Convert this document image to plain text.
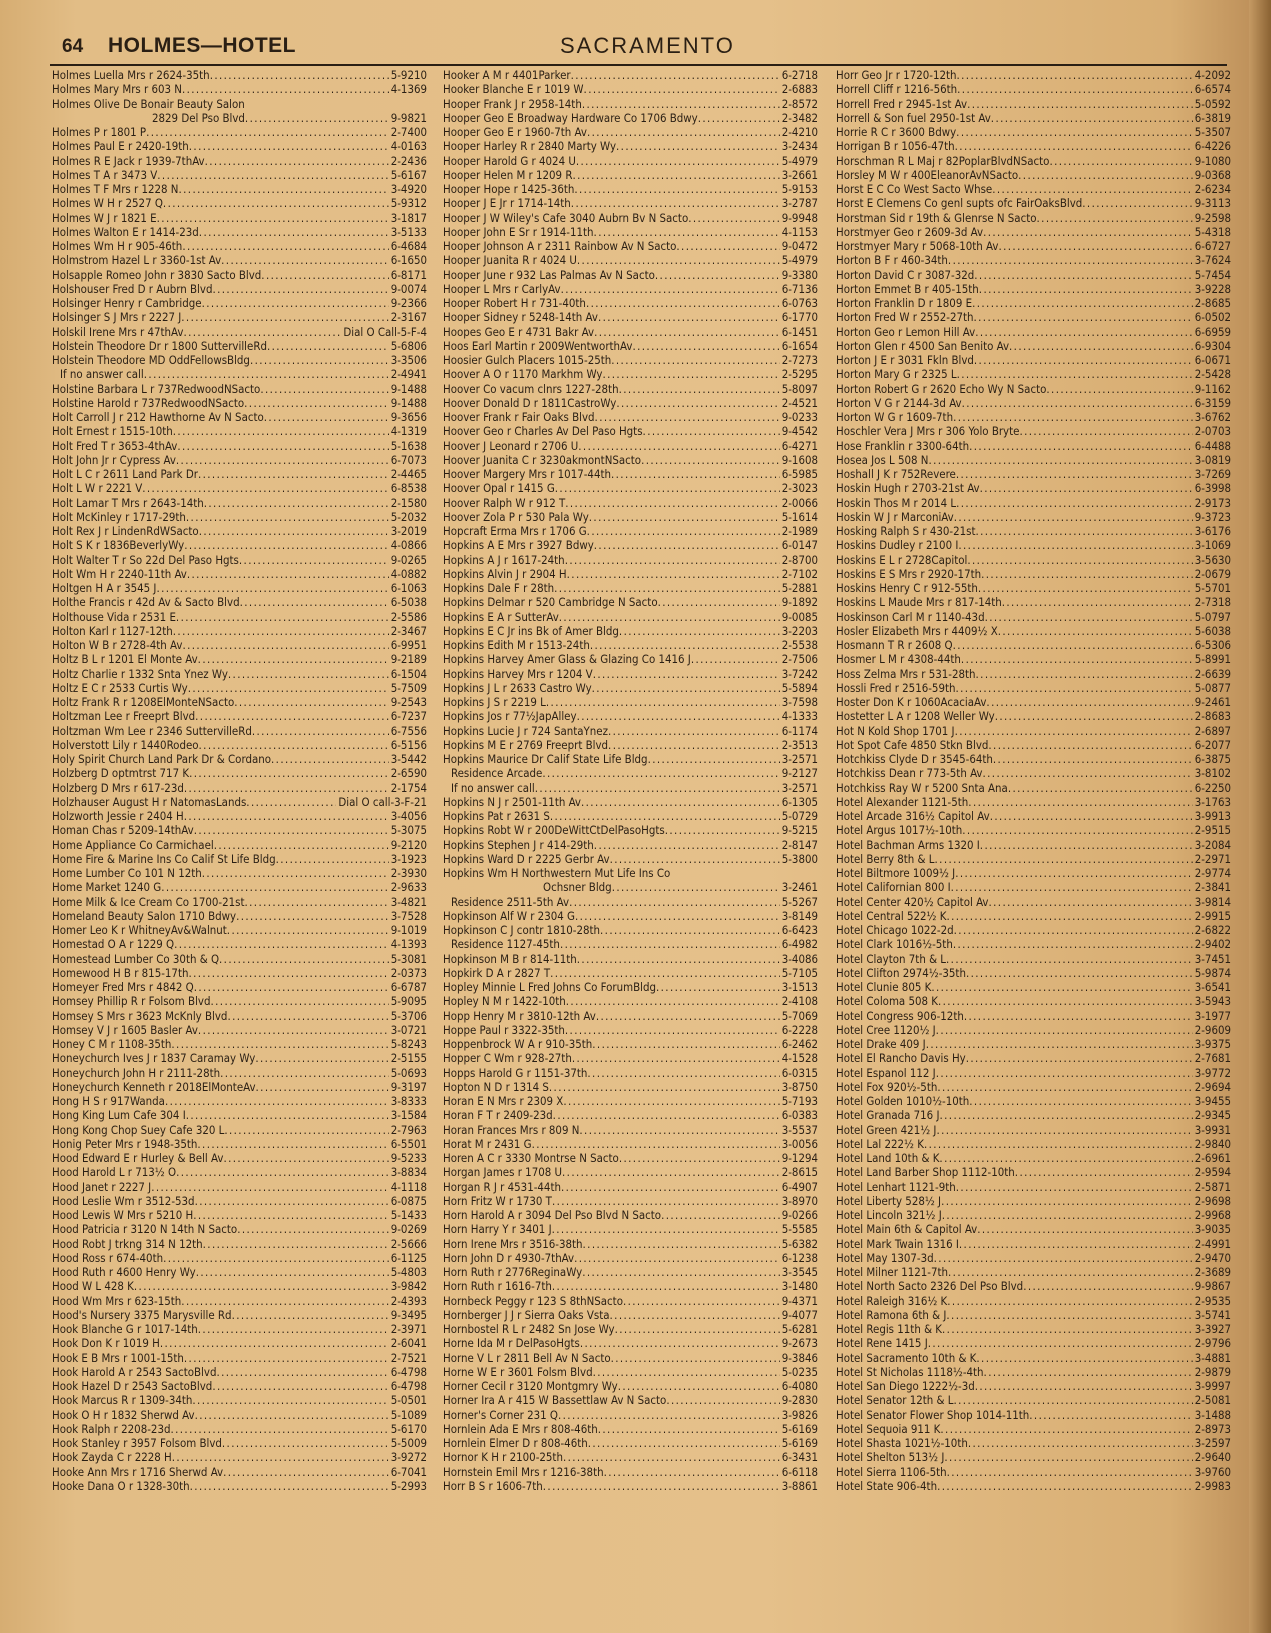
64 HOLMES—HOTEL	SACRAMENTO
Holmes Luella Mrs r 2624-35th .....	5-9210
Holmes Mary Mrs r 603 N .....	4-1369
Holmes Olive De Bonair Beauty Salon
2829 Del Pso Blvd .....	9-9821
Holmes P r 1801 P .....	2-7400
Holmes Paul E r 2420-19th .....	4-0163
Holmes R E Jack r 1939-7thAv .....	2-2436
Holmes T A r 3473 V .....	5-6167
Holmes T F Mrs r 1228 N .....	3-4920
Holmes W H r 2527 Q .....	5-9312
Holmes W J r 1821 E .....	3-1817
Holmes Walton E r 1414-23d .....	3-5133
Holmes Wm H r 905-46th .....	6-4684
Holmstrom Hazel L r 3360-1st Av .....	6-1650
Holsapple Romeo John r 3830 Sacto Blvd .....	6-8171
Holshouser Fred D r Aubrn Blvd .....	9-0074
Holsinger Henry r Cambridge .....	9-2366
Holsinger S J Mrs r 2227 J .....	2-3167
Holskil Irene Mrs r 47thAv .....	Dial O Call-5-F-4
Holstein Theodore Dr r 1800 SuttervilleRd .....	5-6806
Holstein Theodore MD OddFellowsBldg .....	3-3506
If no answer call .....	2-4941
Holstine Barbara L r 737RedwoodNSacto .....	9-1488
Holstine Harold r 737RedwoodNSacto .....	9-1488
Holt Carroll J r 212 Hawthorne Av N Sacto .....	9-3656
Holt Ernest r 1515-10th .....	4-1319
Holt Fred T r 3653-4thAv .....	5-1638
Holt John Jr r Cypress Av .....	6-7073
Holt L C r 2611 Land Park Dr .....	2-4465
Holt L W r 2221 V .....	6-8538
Holt Lamar T Mrs r 2643-14th .....	2-1580
Holt McKinley r 1717-29th .....	5-2032
Holt Rex J r LindenRdWSacto .....	3-2019
Holt S K r 1836BeverlyWy .....	4-0866
Holt Walter T r So 22d Del Paso Hgts .....	9-0265
Holt Wm H r 2240-11th Av .....	4-0882
Holtgen H A r 3545 J .....	6-1063
Holthe Francis r 42d Av & Sacto Blvd .....	6-5038
Holthouse Vida r 2531 E .....	2-5586
Holton Karl r 1127-12th .....	2-3467
Holton W B r 2728-4th Av .....	6-9951
Holtz B L r 1201 El Monte Av .....	9-2189
Holtz Charlie r 1332 Snta Ynez Wy .....	6-1504
Holtz E C r 2533 Curtis Wy .....	5-7509
Holtz Frank R r 1208ElMonteNSacto .....	9-2543
Holtzman Lee r Freeprt Blvd .....	6-7237
Holtzman Wm Lee r 2346 SuttervilleRd .....	6-7556
Holverstott Lily r 1440Rodeo .....	6-5156
Holy Spirit Church Land Park Dr & Cordano .....	3-5442
Holzberg D optmtrst 717 K .....	2-6590
Holzberg D Mrs r 617-23d .....	2-1754
Holzhauser August H r NatomasLands .....	Dial O call-3-F-21
Holzworth Jessie r 2404 H .....	3-4056
Homan Chas r 5209-14thAv .....	5-3075
Home Appliance Co Carmichael .....	9-2120
Home Fire & Marine Ins Co Calif St Life Bldg .....	3-1923
Home Lumber Co 101 N 12th .....	2-3930
Home Market 1240 G .....	2-9633
Home Milk & Ice Cream Co 1700-21st .....	3-4821
Homeland Beauty Salon 1710 Bdwy .....	3-7528
Homer Leo K r WhitneyAv&Walnut .....	9-1019
Homestad O A r 1229 Q .....	4-1393
Homestead Lumber Co 30th & Q .....	5-3081
Homewood H B r 815-17th .....	2-0373
Homeyer Fred Mrs r 4842 Q .....	6-6787
Homsey Phillip R r Folsom Blvd .....	5-9095
Homsey S Mrs r 3623 McKnly Blvd .....	5-3706
Homsey V J r 1605 Basler Av .....	3-0721
Honey C M r 1108-35th .....	5-8243
Honeychurch Ives J r 1837 Caramay Wy .....	2-5155
Honeychurch John H r 2111-28th .....	5-0693
Honeychurch Kenneth r 2018ElMonteAv .....	9-3197
Hong H S r 917Wanda .....	3-8333
Hong King Lum Cafe 304 I .....	3-1584
Hong Kong Chop Suey Cafe 320 L .....	2-7963
Honig Peter Mrs r 1948-35th .....	6-5501
Hood Edward E r Hurley & Bell Av .....	9-5233
Hood Harold L r 713½ O .....	3-8834
Hood Janet r 2227 J .....	4-1118
Hood Leslie Wm r 3512-53d .....	6-0875
Hood Lewis W Mrs r 5210 H .....	5-1433
Hood Patricia r 3120 N 14th N Sacto .....	9-0269
Hood Robt J trkng 314 N 12th .....	2-5666
Hood Ross r 674-40th .....	6-1125
Hood Ruth r 4600 Henry Wy .....	5-4803
Hood W L 428 K .....	3-9842
Hood Wm Mrs r 623-15th .....	2-4393
Hood's Nursery 3375 Marysville Rd .....	9-3495
Hook Blanche G r 1017-14th .....	2-3971
Hook Don K r 1019 H .....	2-6041
Hook E B Mrs r 1001-15th .....	2-7521
Hook Harold A r 2543 SactoBlvd .....	6-4798
Hook Hazel D r 2543 SactoBlvd .....	6-4798
Hook Marcus R r 1309-34th .....	5-0501
Hook O H r 1832 Sherwd Av .....	5-1089
Hook Ralph r 2208-23d .....	5-6170
Hook Stanley r 3957 Folsom Blvd .....	5-5009
Hook Zayda C r 2228 H .....	3-9272
Hooke Ann Mrs r 1716 Sherwd Av .....	6-7041
Hooke Dana O r 1328-30th .....	5-2993
Hooker A M r 4401Parker .....	6-2718
Hooker Blanche E r 1019 W .....	2-6883
Hooper Frank J r 2958-14th .....	2-8572
Hooper Geo E Broadway Hardware Co 1706 Bdwy .....	2-3482
Hooper Geo E r 1960-7th Av .....	2-4210
Hooper Harley R r 2840 Marty Wy .....	3-2434
Hooper Harold G r 4024 U .....	5-4979
Hooper Helen M r 1209 R .....	3-2661
Hooper Hope r 1425-36th .....	5-9153
Hooper J E Jr r 1714-14th .....	3-2787
Hooper J W Wiley's Cafe 3040 Aubrn Bv N Sacto .....	9-9948
Hooper John E Sr r 1914-11th .....	4-1153
Hooper Johnson A r 2311 Rainbow Av N Sacto .....	9-0472
Hooper Juanita R r 4024 U .....	5-4979
Hooper June r 932 Las Palmas Av N Sacto .....	9-3380
Hooper L Mrs r CarlyAv .....	6-7136
Hooper Robert H r 731-40th .....	6-0763
Hooper Sidney r 5248-14th Av .....	6-1770
Hoopes Geo E r 4731 Bakr Av .....	6-1451
Hoos Earl Martin r 2009WentworthAv .....	6-1654
Hoosier Gulch Placers 1015-25th .....	2-7273
Hoover A O r 1170 Markhm Wy .....	2-5295
Hoover Co vacum clnrs 1227-28th .....	5-8097
Hoover Donald D r 1811CastroWy .....	2-4521
Hoover Frank r Fair Oaks Blvd .....	9-0233
Hoover Geo r Charles Av Del Paso Hgts .....	9-4542
Hoover J Leonard r 2706 U .....	6-4271
Hoover Juanita C r 3230akmontNSacto .....	9-1608
Hoover Margery Mrs r 1017-44th .....	6-5985
Hoover Opal r 1415 G .....	2-3023
Hoover Ralph W r 912 T .....	2-0066
Hoover Zola P r 530 Pala Wy .....	5-1614
Hopcraft Erma Mrs r 1706 G .....	2-1989
Hopkins A E Mrs r 3927 Bdwy .....	6-0147
Hopkins A J r 1617-24th .....	2-8700
Hopkins Alvin J r 2904 H .....	2-7102
Hopkins Dale F r 28th .....	5-2881
Hopkins Delmar r 520 Cambridge N Sacto .....	9-1892
Hopkins E A r SutterAv .....	9-0085
Hopkins E C Jr ins Bk of Amer Bldg .....	3-2203
Hopkins Edith M r 1513-24th .....	2-5538
Hopkins Harvey Amer Glass & Glazing Co 1416 J .....	2-7506
Hopkins Harvey Mrs r 1204 V .....	3-7242
Hopkins J L r 2633 Castro Wy .....	5-5894
Hopkins J S r 2219 L .....	3-7598
Hopkins Jos r 77½JapAlley .....	4-1333
Hopkins Lucie J r 724 SantaYnez .....	6-1174
Hopkins M E r 2769 Freeprt Blvd .....	2-3513
Hopkins Maurice Dr Calif State Life Bldg .....	3-2571
Residence Arcade .....	9-2127
If no answer call .....	3-2571
Hopkins N J r 2501-11th Av .....	6-1305
Hopkins Pat r 2631 S .....	5-0729
Hopkins Robt W r 200DeWittCtDelPasoHgts .....	9-5215
Hopkins Stephen J r 414-29th .....	2-8147
Hopkins Ward D r 2225 Gerbr Av .....	5-3800
Hopkins Wm H Northwestern Mut Life Ins Co
Ochsner Bldg .....	3-2461
Residence 2511-5th Av .....	5-5267
Hopkinson Alf W r 2304 G .....	3-8149
Hopkinson C J contr 1810-28th .....	6-6423
Residence 1127-45th .....	6-4982
Hopkinson M B r 814-11th .....	3-4086
Hopkirk D A r 2827 T .....	5-7105
Hopley Minnie L Fred Johns Co ForumBldg .....	3-1513
Hopley N M r 1422-10th .....	2-4108
Hopp Henry M r 3810-12th Av .....	5-7069
Hoppe Paul r 3322-35th .....	6-2228
Hoppenbrock W A r 910-35th .....	6-2462
Hopper C Wm r 928-27th .....	4-1528
Hopps Harold G r 1151-37th .....	6-0315
Hopton N D r 1314 S .....	3-8750
Horan E N Mrs r 2309 X .....	5-7193
Horan F T r 2409-23d .....	6-0383
Horan Frances Mrs r 809 N .....	3-5537
Horat M r 2431 G .....	3-0056
Horen A C r 3330 Montrse N Sacto .....	9-1294
Horgan James r 1708 U .....	2-8615
Horgan R J r 4531-44th .....	6-4907
Horn Fritz W r 1730 T .....	3-8970
Horn Harold A r 3094 Del Pso Blvd N Sacto .....	9-0266
Horn Harry Y r 3401 J .....	5-5585
Horn Irene Mrs r 3516-38th .....	5-6382
Horn John D r 4930-7thAv .....	6-1238
Horn Ruth r 2776ReginaWy .....	3-3545
Horn Ruth r 1616-7th .....	3-1480
Hornbeck Peggy r 123 S 8thNSacto .....	9-4371
Hornberger J J r Sierra Oaks Vsta .....	9-4077
Hornbostel R L r 2482 Sn Jose Wy .....	5-6281
Horne Ida M r DelPasoHgts .....	9-2673
Horne V L r 2811 Bell Av N Sacto .....	9-3846
Horne W E r 3601 Folsm Blvd .....	5-0235
Horner Cecil r 3120 Montgmry Wy .....	6-4080
Horner Ira A r 415 W Bassettlaw Av N Sacto .....	9-2830
Horner's Corner 231 Q .....	3-9826
Hornlein Ada E Mrs r 808-46th .....	5-6169
Hornlein Elmer D r 808-46th .....	5-6169
Hornor K H r 2100-25th .....	6-3431
Hornstein Emil Mrs r 1216-38th .....	6-6118
Horr B S r 1606-7th .....	3-8861
Horr Geo Jr r 1720-12th .....	4-2092
Horrell Cliff r 1216-56th .....	6-6574
Horrell Fred r 2945-1st Av .....	5-0592
Horrell & Son fuel 2950-1st Av .....	6-3819
Horrie R C r 3600 Bdwy .....	5-3507
Horrigan B r 1056-47th .....	6-4226
Horschman R L Maj r 82PoplarBlvdNSacto .....	9-1080
Horsley M W r 400EleanorAvNSacto .....	9-0368
Horst E C Co West Sacto Whse .....	2-6234
Horst E Clemens Co genl supts ofc FairOaksBlvd .....	9-3113
Horstman Sid r 19th & Glenrse N Sacto .....	9-2598
Horstmyer Geo r 2609-3d Av .....	5-4318
Horstmyer Mary r 5068-10th Av .....	6-6727
Horton B F r 460-34th .....	3-7624
Horton David C r 3087-32d .....	5-7454
Horton Emmet B r 405-15th .....	3-9228
Horton Franklin D r 1809 E .....	2-8685
Horton Fred W r 2552-27th .....	6-0502
Horton Geo r Lemon Hill Av .....	6-6959
Horton Glen r 4500 San Benito Av .....	6-9304
Horton J E r 3031 Fkln Blvd .....	6-0671
Horton Mary G r 2325 L .....	2-5428
Horton Robert G r 2620 Echo Wy N Sacto .....	9-1162
Horton V G r 2144-3d Av .....	6-3159
Horton W G r 1609-7th .....	3-6762
Hoschler Vera J Mrs r 306 Yolo Bryte .....	2-0703
Hose Franklin r 3300-64th .....	6-4488
Hosea Jos L 508 N .....	3-0819
Hoshall J K r 752Revere .....	3-7269
Hoskin Hugh r 2703-21st Av .....	6-3998
Hoskin Thos M r 2014 L .....	2-9173
Hoskin W J r MarconiAv .....	9-3723
Hosking Ralph S r 430-21st .....	3-6176
Hoskins Dudley r 2100 I .....	3-1069
Hoskins E L r 2728Capitol .....	3-5630
Hoskins E S Mrs r 2920-17th .....	2-0679
Hoskins Henry C r 912-55th .....	5-5701
Hoskins L Maude Mrs r 817-14th .....	2-7318
Hoskinson Carl M r 1140-43d .....	5-0797
Hosler Elizabeth Mrs r 4409½ X .....	5-6038
Hosmann T R r 2608 Q .....	6-5306
Hosmer L M r 4308-44th .....	5-8991
Hoss Zelma Mrs r 531-28th .....	2-6639
Hossli Fred r 2516-59th .....	5-0877
Hoster Don K r 1060AcaciaAv .....	9-2461
Hostetter L A r 1208 Weller Wy .....	2-8683
Hot N Kold Shop 1701 J .....	2-6897
Hot Spot Cafe 4850 Stkn Blvd .....	6-2077
Hotchkiss Clyde D r 3545-64th .....	6-3875
Hotchkiss Dean r 773-5th Av .....	3-8102
Hotchkiss Ray W r 5200 Snta Ana .....	6-2250
Hotel Alexander 1121-5th .....	3-1763
Hotel Arcade 316½ Capitol Av .....	3-9913
Hotel Argus 1017½-10th .....	2-9515
Hotel Bachman Arms 1320 I .....	3-2084
Hotel Berry 8th & L .....	2-2971
Hotel Biltmore 1009½ J .....	2-9774
Hotel Californian 800 I .....	2-3841
Hotel Center 420½ Capitol Av .....	3-9814
Hotel Central 522½ K .....	2-9915
Hotel Chicago 1022-2d .....	2-6822
Hotel Clark 1016½-5th .....	2-9402
Hotel Clayton 7th & L .....	3-7451
Hotel Clifton 2974½-35th .....	5-9874
Hotel Clunie 805 K .....	3-6541
Hotel Coloma 508 K .....	3-5943
Hotel Congress 906-12th .....	3-1977
Hotel Cree 1120½ J .....	2-9609
Hotel Drake 409 J .....	3-9375
Hotel El Rancho Davis Hy .....	2-7681
Hotel Espanol 112 J .....	3-9772
Hotel Fox 920½-5th .....	2-9694
Hotel Golden 1010½-10th .....	3-9455
Hotel Granada 716 J .....	2-9345
Hotel Green 421½ J .....	3-9931
Hotel Lal 222½ K .....	2-9840
Hotel Land 10th & K .....	2-6961
Hotel Land Barber Shop 1112-10th .....	2-9594
Hotel Lenhart 1121-9th .....	2-5871
Hotel Liberty 528½ J .....	2-9698
Hotel Lincoln 321½ J .....	2-9968
Hotel Main 6th & Capitol Av .....	3-9035
Hotel Mark Twain 1316 I .....	2-4991
Hotel May 1307-3d .....	2-9470
Hotel Milner 1121-7th .....	2-3689
Hotel North Sacto 2326 Del Pso Blvd .....	9-9867
Hotel Raleigh 316½ K .....	2-9535
Hotel Ramona 6th & J .....	3-5741
Hotel Regis 11th & K .....	3-3927
Hotel Rene 1415 J .....	2-9796
Hotel Sacramento 10th & K .....	3-4881
Hotel St Nicholas 1118½-4th .....	2-9879
Hotel San Diego 1222½-3d .....	3-9997
Hotel Senator 12th & L .....	2-5081
Hotel Senator Flower Shop 1014-11th .....	3-1488
Hotel Sequoia 911 K .....	2-8973
Hotel Shasta 1021½-10th .....	3-2597
Hotel Shelton 513½ J .....	2-9640
Hotel Sierra 1106-5th .....	3-9760
Hotel State 906-4th .....	2-9983
